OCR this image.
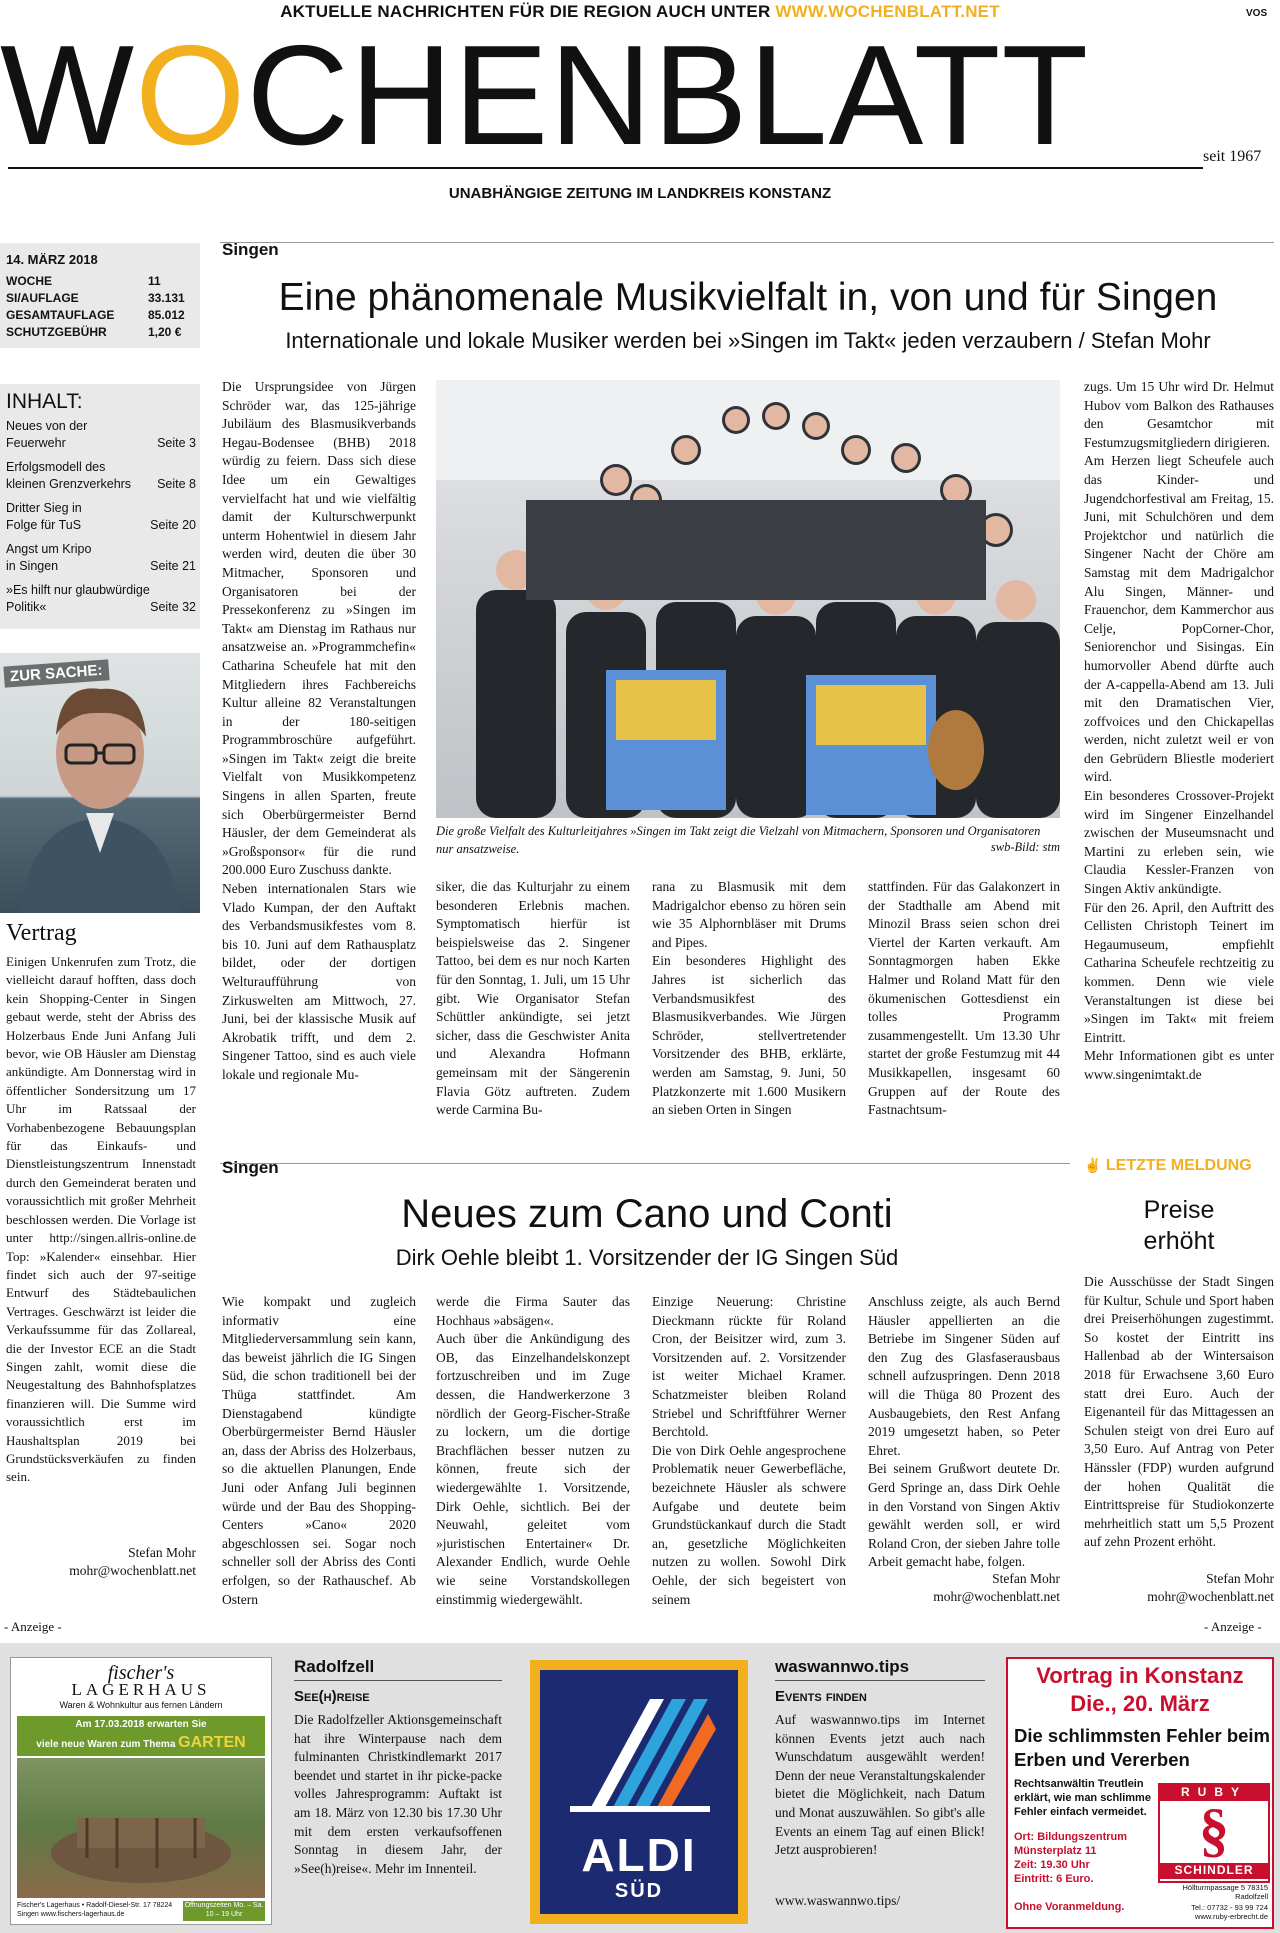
AKTUELLE NACHRICHTEN FÜR DIE REGION AUCH UNTER WWW.WOCHENBLATT.NET	VOS
WOCHENBLATT	seit 1967
UNABHÄNGIGE ZEITUNG IM LANDKREIS KONSTANZ
14. MÄRZ 2018
WOCHE	11
SI/AUFLAGE	33.131
GESAMTAUFLAGE	85.012
SCHUTZGEBÜHR	1,20 €
INHALT:
Neues von der
Feuerwehr	Seite 3
Erfolgsmodell des
kleinen Grenzverkehrs Seite 8
Dritter Sieg in
Folge für TuS	Seite 20
Angst um Kripo
in Singen	Seite 21
»Es hilft nur glaubwürdige
Politik«	Seite 32
ZUR SACHE:
Vertrag
Einigen Unkenrufen zum Trotz, die vielleicht darauf hofften, dass doch kein Shopping-Center in Singen gebaut werde, steht der Abriss des Holzerbaus Ende Juni Anfang Juli bevor, wie OB Häusler am Dienstag ankündigte. Am Donnerstag wird in öffentlicher Sondersitzung um 17 Uhr im Ratssaal der Vorhabenbezogene Bebauungsplan für das Einkaufs- und Dienstleistungszentrum Innenstadt durch den Gemeinderat beraten und voraussichtlich mit großer Mehrheit beschlossen werden. Die Vorlage ist unter http://singen.allris-online.de Top: »Kalender« einsehbar. Hier findet sich auch der 97-seitige Entwurf des Städtebaulichen Vertrages. Geschwärzt ist leider die Verkaufssumme für das Zollareal, die der Investor ECE an die Stadt Singen zahlt, womit diese die Neugestaltung des Bahnhofsplatzes finanzieren will. Die Summe wird voraussichtlich erst im Haushaltsplan 2019 bei Grundstücksverkäufen zu finden sein.
Stefan Mohr
mohr@wochenblatt.net
Singen
Eine phänomenale Musikvielfalt in, von und für Singen
Internationale und lokale Musiker werden bei »Singen im Takt« jeden verzaubern / Stefan Mohr

Die Ursprungsidee von Jürgen Schröder war, das 125-jährige Jubiläum des Blasmusikverbands Hegau-Bodensee (BHB) 2018 würdig zu feiern. Dass sich diese Idee um ein Gewaltiges vervielfacht hat und wie vielfältig damit der Kulturschwerpunkt unterm Hohentwiel in diesem Jahr werden wird, deuten die über 30 Mitmacher, Sponsoren und Organisatoren bei der Pressekonferenz zu »Singen im Takt« am Dienstag im Rathaus nur ansatzweise an. »Programmchefin« Catharina Scheufele hat mit den Mitgliedern ihres Fachbereichs Kultur alleine 82 Veranstaltungen in der 180-seitigen Programmbroschüre aufgeführt. »Singen im Takt« zeigt die breite Vielfalt von Musikkompetenz Singens in allen Sparten, freute sich Oberbürgermeister Bernd Häusler, der dem Gemeinderat als »Großsponsor« für die rund 200.000 Euro Zuschuss dankte.

Neben internationalen Stars wie Vlado Kumpan, der den Auftakt des Verbandsmusikfestes vom 8. bis 10. Juni auf dem Rathausplatz bildet, oder der dortigen Welturaufführung von Zirkuswelten am Mittwoch, 27. Juni, bei der klassische Musik auf Akrobatik trifft, und dem 2. Singener Tattoo, sind es auch viele lokale und regionale Mu-

Die große Vielfalt des Kulturleitjahres »Singen im Takt zeigt die Vielzahl von Mitmachern, Sponsoren und Organisatoren nur ansatzweise.	swb-Bild: stm

siker, die das Kulturjahr zu einem besonderen Erlebnis machen. Symptomatisch hierfür ist beispielsweise das 2. Singener Tattoo, bei dem es nur noch Karten für den Sonntag, 1. Juli, um 15 Uhr gibt. Wie Organisator Stefan Schüttler ankündigte, sei jetzt sicher, dass die Geschwister Anita und Alexandra Hofmann gemeinsam mit der Sängerenin Flavia Götz auftreten. Zudem werde Carmina Bu-

rana zu Blasmusik mit dem Madrigalchor ebenso zu hören sein wie 35 Alphornbläser mit Drums and Pipes.

Ein besonderes Highlight des Jahres ist sicherlich das Verbandsmusikfest des Blasmusikverbandes. Wie Jürgen Schröder, stellvertretender Vorsitzender des BHB, erklärte, werden am Samstag, 9. Juni, 50 Platzkonzerte mit 1.600 Musikern an sieben Orten in Singen

stattfinden. Für das Galakonzert in der Stadthalle am Abend mit Minozil Brass seien schon drei Viertel der Karten verkauft. Am Sonntagmorgen haben Ekke Halmer und Roland Matt für den ökumenischen Gottesdienst ein tolles Programm zusammengestellt. Um 13.30 Uhr startet der große Festumzug mit 44 Musikkapellen, insgesamt 60 Gruppen auf der Route des Fastnachtsum-

zugs. Um 15 Uhr wird Dr. Helmut Hubov vom Balkon des Rathauses den Gesamtchor mit Festumzugsmitgliedern dirigieren.

Am Herzen liegt Scheufele auch das Kinder- und Jugendchorfestival am Freitag, 15. Juni, mit Schulchören und dem Projektchor und natürlich die Singener Nacht der Chöre am Samstag mit dem Madrigalchor Alu Singen, Männer- und Frauenchor, dem Kammerchor aus Celje, PopCorner-Chor, Seniorenchor und Sisingas. Ein humorvoller Abend dürfte auch der A-cappella-Abend am 13. Juli mit den Dramatischen Vier, zoffvoices und den Chickapellas werden, nicht zuletzt weil er von den Gebrüdern Bliestle moderiert wird.

Ein besonderes Crossover-Projekt wird im Singener Einzelhandel zwischen der Museumsnacht und Martini zu erleben sein, wie Claudia Kessler-Franzen von Singen Aktiv ankündigte.

Für den 26. April, den Auftritt des Cellisten Christoph Teinert im Hegaumuseum, empfiehlt Catharina Scheufele rechtzeitig zu kommen. Denn wie viele Veranstaltungen ist diese bei »Singen im Takt« mit freiem Eintritt.

Mehr Informationen gibt es unter www.singenimtakt.de

Singen
Neues zum Cano und Conti
Dirk Oehle bleibt 1. Vorsitzender der IG Singen Süd

Wie kompakt und zugleich informativ eine Mitgliederversammlung sein kann, das beweist jährlich die IG Singen Süd, die schon traditionell bei der Thüga stattfindet. Am Dienstagabend kündigte Oberbürgermeister Bernd Häusler an, dass der Abriss des Holzerbaus, so die aktuellen Planungen, Ende Juni oder Anfang Juli beginnen würde und der Bau des Shopping-Centers »Cano« 2020 abgeschlossen sei. Sogar noch schneller soll der Abriss des Conti erfolgen, so der Rathauschef. Ab Ostern

werde die Firma Sauter das Hochhaus »absägen«.

Auch über die Ankündigung des OB, das Einzelhandelskonzept fortzuschreiben und im Zuge dessen, die Handwerkerzone 3 nördlich der Georg-Fischer-Straße zu lockern, um die dortige Brachflächen besser nutzen zu können, freute sich der wiedergewählte 1. Vorsitzende, Dirk Oehle, sichtlich. Bei der Neuwahl, geleitet vom »juristischen Entertainer« Dr. Alexander Endlich, wurde Oehle wie seine Vorstandskollegen einstimmig wiedergewählt.

Einzige Neuerung: Christine Dieckmann rückte für Roland Cron, der Beisitzer wird, zum 3. Vorsitzenden auf. 2. Vorsitzender ist weiter Michael Kramer. Schatzmeister bleiben Roland Striebel und Schriftführer Werner Berchtold.

Die von Dirk Oehle angesprochene Problematik neuer Gewerbefläche, bezeichnete Häusler als schwere Aufgabe und deutete beim Grundstückankauf durch die Stadt an, gesetzliche Möglichkeiten nutzen zu wollen. Sowohl Dirk Oehle, der sich begeistert von seinem

Anschluss zeigte, als auch Bernd Häusler appellierten an die Betriebe im Singener Süden auf den Zug des Glasfaserausbaus schnell aufzuspringen. Denn 2018 will die Thüga 80 Prozent des Ausbaugebiets, den Rest Anfang 2019 umgesetzt haben, so Peter Ehret.

Bei seinem Grußwort deutete Dr. Gerd Springe an, dass Dirk Oehle in den Vorstand von Singen Aktiv gewählt werden soll, er wird Roland Cron, der sieben Jahre tolle Arbeit gemacht habe, folgen.

Stefan Mohr
mohr@wochenblatt.net
✌ LETZTE MELDUNG
Preise
erhöht
Die Ausschüsse der Stadt Singen für Kultur, Schule und Sport haben drei Preiserhöhungen zugestimmt. So kostet der Eintritt ins Hallenbad ab der Wintersaison 2018 für Erwachsene 3,60 Euro statt drei Euro. Auch der Eigenanteil für das Mittagessen an Schulen steigt von drei Euro auf 3,50 Euro. Auf Antrag von Peter Hänssler (FDP) wurden aufgrund der hohen Qualität die Eintrittspreise für Studiokonzerte mehrheitlich statt um 5,5 Prozent auf zehn Prozent erhöht.
Stefan Mohr
mohr@wochenblatt.net
- Anzeige -	- Anzeige -
fischer's
LAGERHAUS
Waren & Wohnkultur aus fernen Ländern
Am 17.03.2018 erwarten Sie
viele neue Waren zum Thema GARTEN
Fischer's Lagerhaus • Radolf-Diesel-Str. 17 78224 Singen www.fischers-lagerhaus.de
Öffnungszeiten Mo. – Sa. 10 – 19 Uhr
Radolfzell
See(h)reise
Die Radolfzeller Aktionsgemeinschaft hat ihre Winterpause nach dem fulminanten Christkindlemarkt 2017 beendet und startet in ihr picke-packe volles Jahresprogramm: Auftakt ist am 18. März von 12.30 bis 17.30 Uhr mit dem ersten verkaufsoffenen Sonntag in diesem Jahr, der »See(h)reise«. Mehr im Innenteil.	ALDI
SÜD
waswannwo.tips
Events finden
Auf waswannwo.tips im Internet können Events jetzt auch nach Wunschdatum ausgewählt werden! Denn der neue Veranstaltungskalender bietet die Möglichkeit, nach Datum und Monat auszuwählen. So gibt's alle Events an einem Tag auf einen Blick! Jetzt ausprobieren!
www.waswannwo.tips/
Vortrag in Konstanz
Die., 20. März
Die schlimmsten Fehler beim
Erben und Vererben
Rechtsanwältin Treutlein erklärt, wie man schlimme Fehler einfach vermeidet.
Ort: Bildungszentrum
Münsterplatz 11
Zeit: 19.30 Uhr
Eintritt: 6 Euro.
Ohne Voranmeldung.
RUBY
§
SCHINDLER
Höllturmpassage 5 78315 Radolfzell
Tel.: 07732 - 93 99 724 www.ruby-erbrecht.de
